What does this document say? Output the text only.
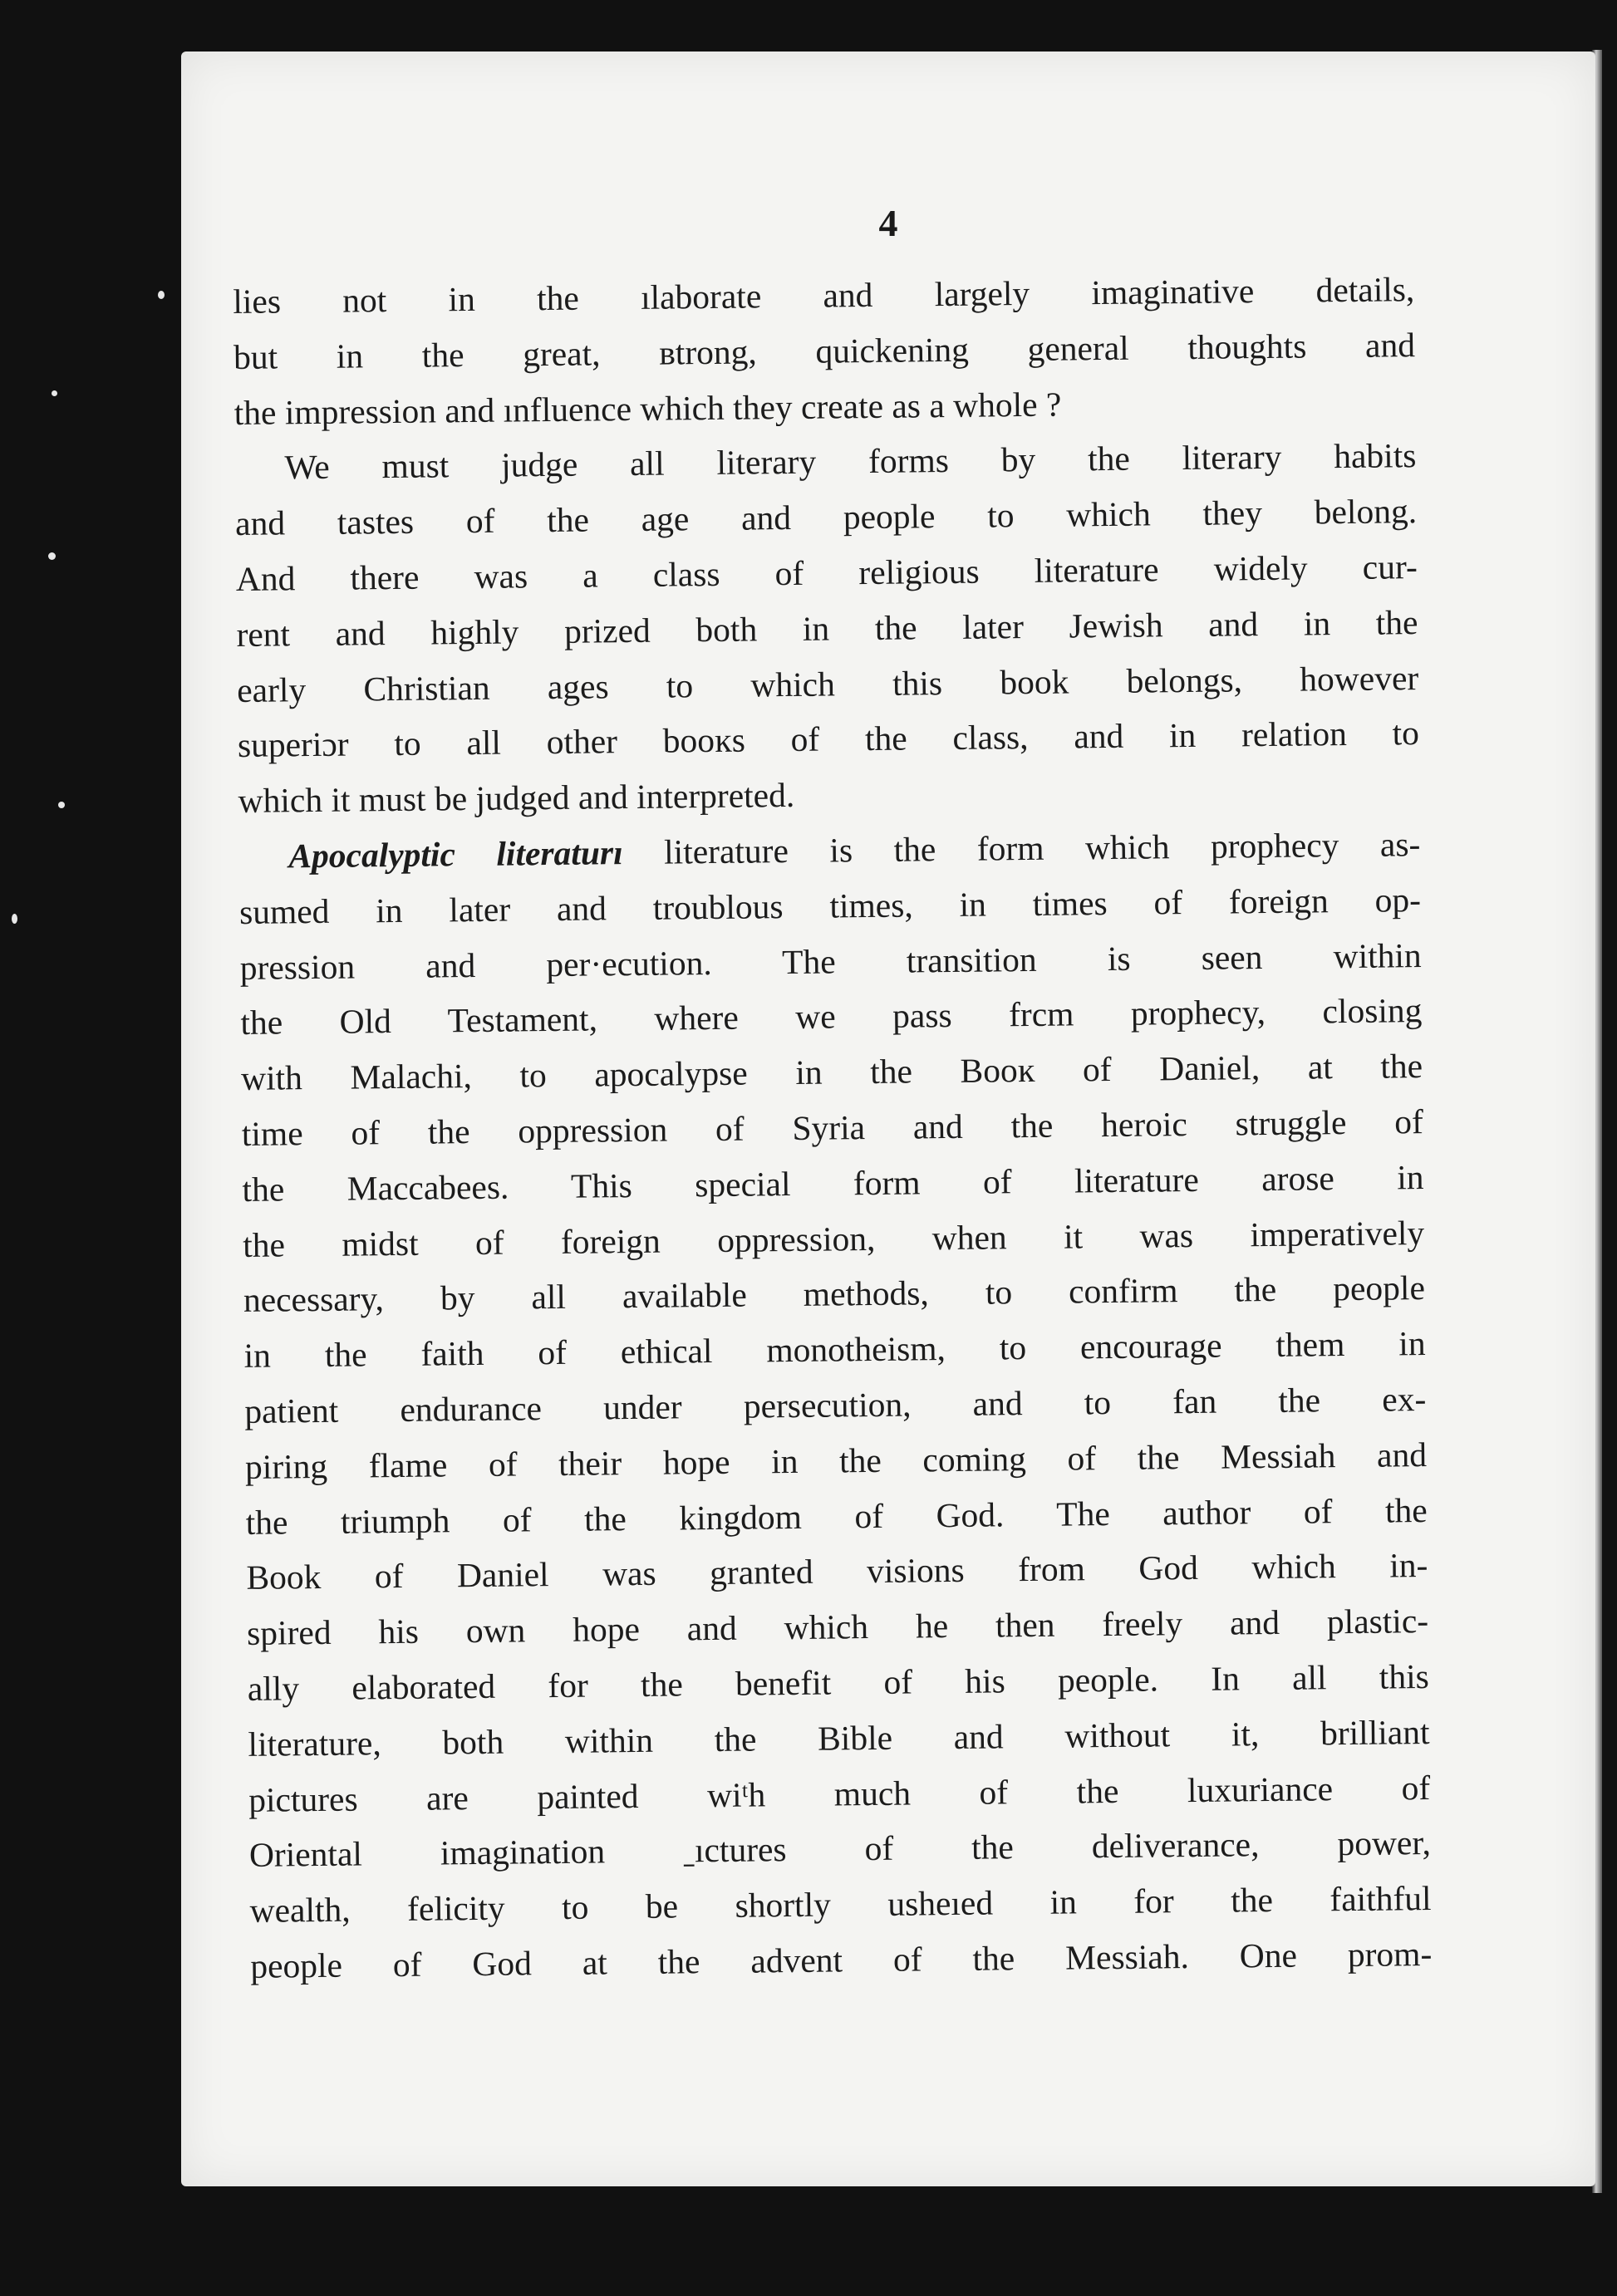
4
lies not in the ılaborate and largely imaginative details,
but in the great, вtrong, quickening general thoughts and
the impression and ınfluence which they create as a whole ?
We must judge all literary forms by the literary habits
and tastes of the age and people to which they belong.
And there was a class of religious literature widely cur-
rent and highly prized both in the later Jewish and in the
early Christian ages to which this book belongs, however
superiɔr to all other booĸѕ of the class, and in relation to
which it must be judged and interpreted.
Apocalyptic literaturı literature is the form which prophecy as-
sumed in later and troublous times, in times of foreign op-
pression and per·ecution. The transition is seen within
the Old Testament, where we pass frcm prophecy, closing
with Malachi, to apocalypse in the Booĸ of Daniel, at the
time of the oppression of Syria and the heroic struggle of
the Maccabees. This special form of literature arose in
the midst of foreign oppression, when it was imperatively
necessary, by all available methods, to confirm the people
in the faith of ethical monotheism, to encourage them in
patient endurance under persecution, and to fan the ex-
piring flame of their hope in the coming of the Messiah and
the triumph of the kingdom of God. The author of the
Book of Daniel was granted visions from God which in-
spired his own hope and which he then freely and plastic-
ally elaborated for the benefit of his people. In all this
literature, both within the Bible and without it, brilliant
pictures are painted wiᵗh much of the luxuriance of
Oriental imagination ˍıctures of the deliverance, power,
wealth, felicity to be shortly usheıed in for the faithful
people of God at the advent of the Messiah. One prom-
